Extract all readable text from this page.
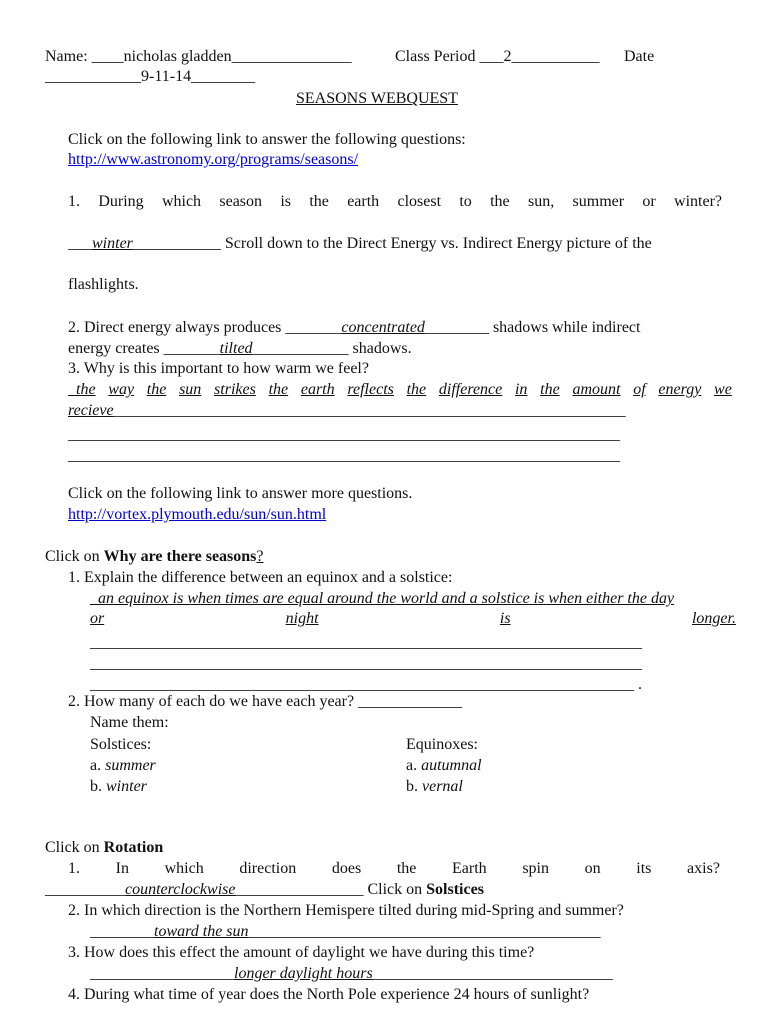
Name: ____nicholas gladden_______________	Class Period ___2___________ Date
____________9-11-14________
SEASONS WEBQUEST
Click on the following link to answer the following questions:
http://www.astronomy.org/programs/seasons/
1. During which season is the earth closest to the sun, summer or winter?
___winter___________ Scroll down to the Direct Energy vs. Indirect Energy picture of the
flashlights.
2. Direct energy always produces _______concentrated________ shadows while indirect
energy creates _______tilted____________ shadows.
3. Why is this important to how warm we feel?
_the way the sun strikes the earth reflects the difference in the amount of energy we
recieve________________________________________________________________
_____________________________________________________________________
_____________________________________________________________________
Click on the following link to answer more questions.
http://vortex.plymouth.edu/sun/sun.html
Click on Why are there seasons?
1. Explain the difference between an equinox and a solstice:
_an equinox is when times are equal around the world and a solstice is when either the day
or	night	is	longer.
_____________________________________________________________________
_____________________________________________________________________
____________________________________________________________________ .
2. How many of each do we have each year? _____________
Name them:
Solstices:	Equinoxes:
a. summer	a. autumnal
b. winter	b. vernal
Click on Rotation
1. In which direction does the Earth spin on its axis?
__________counterclockwise________________ Click on Solstices
2. In which direction is the Northern Hemispere tilted during mid-Spring and summer?
________toward the sun____________________________________________
3. How does this effect the amount of daylight we have during this time?
__________________longer daylight hours______________________________
4. During what time of year does the North Pole experience 24 hours of sunlight?
